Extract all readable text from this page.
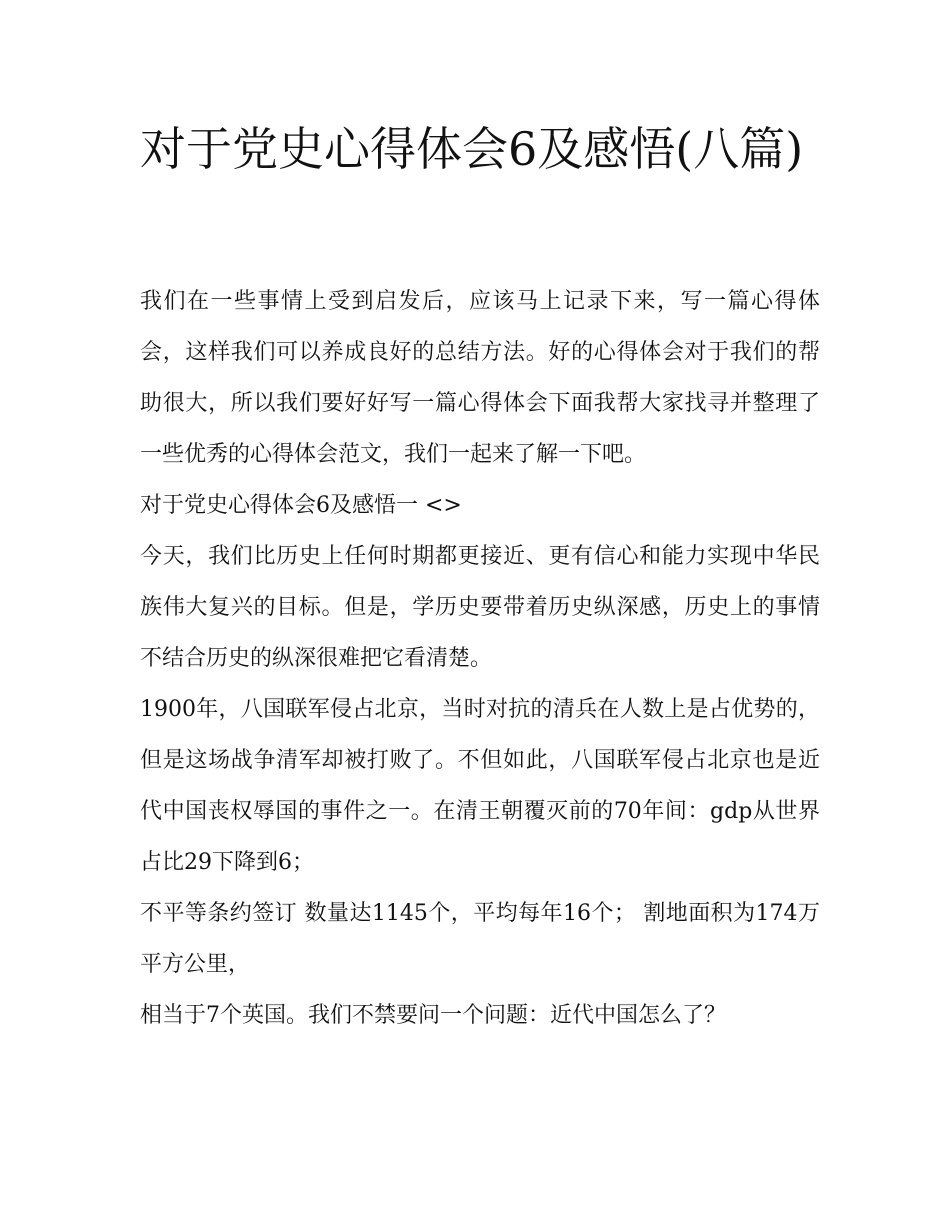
对于党史心得体会6及感悟(八篇)

我们在一些事情上受到启发后，应该马上记录下来，写一篇心得体会，这样我们可以养成良好的总结方法。好的心得体会对于我们的帮助很大，所以我们要好好写一篇心得体会下面我帮大家找寻并整理了一些优秀的心得体会范文，我们一起来了解一下吧。

对于党史心得体会6及感悟一 <>

今天，我们比历史上任何时期都更接近、更有信心和能力实现中华民族伟大复兴的目标。但是，学历史要带着历史纵深感，历史上的事情不结合历史的纵深很难把它看清楚。

1900年，八国联军侵占北京，当时对抗的清兵在人数上是占优势的，但是这场战争清军却被打败了。不但如此，八国联军侵占北京也是近代中国丧权辱国的事件之一。在清王朝覆灭前的70年间：gdp从世界占比29下降到6；

不平等条约签订 数量达1145个，平均每年16个； 割地面积为174万平方公里，

相当于7个英国。我们不禁要问一个问题：近代中国怎么了？
